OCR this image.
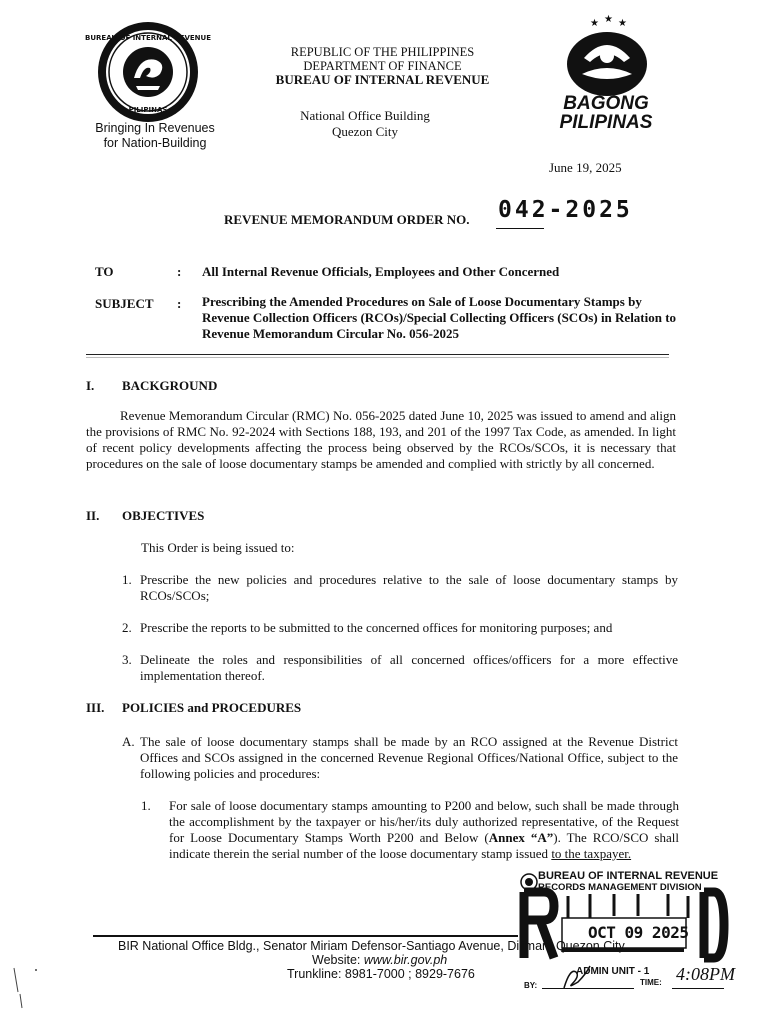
BUREAU OF INTERNAL REVENUE
PILIPINAS
Bringing In Revenues
for Nation-Building
REPUBLIC OF THE PHILIPPINES
DEPARTMENT OF FINANCE
BUREAU OF INTERNAL REVENUE
National Office Building
Quezon City
★ ★ ★
BAGONG
PILIPINAS
June 19, 2025
REVENUE MEMORANDUM ORDER NO. 042-2025
TO	: All Internal Revenue Officials, Employees and Other Concerned
SUBJECT : Prescribing the Amended Procedures on Sale of Loose Documentary Stamps by Revenue Collection Officers (RCOs)/Special Collecting Officers (SCOs) in Relation to Revenue Memorandum Circular No. 056-2025
I. BACKGROUND
Revenue Memorandum Circular (RMC) No. 056-2025 dated June 10, 2025 was issued to amend and align the provisions of RMC No. 92-2024 with Sections 188, 193, and 201 of the 1997 Tax Code, as amended. In light of recent policy developments affecting the process being observed by the RCOs/SCOs, it is necessary that procedures on the sale of loose documentary stamps be amended and complied with strictly by all concerned.
II. OBJECTIVES
This Order is being issued to:
1. Prescribe the new policies and procedures relative to the sale of loose documentary stamps by RCOs/SCOs;
2. Prescribe the reports to be submitted to the concerned offices for monitoring purposes; and
3. Delineate the roles and responsibilities of all concerned offices/officers for a more effective implementation thereof.
III. POLICIES and PROCEDURES
A. The sale of loose documentary stamps shall be made by an RCO assigned at the Revenue District Offices and SCOs assigned in the concerned Revenue Regional Offices/National Office, subject to the following policies and procedures:
1.	For sale of loose documentary stamps amounting to P200 and below, such shall be made through the accomplishment by the taxpayer or his/her/its duly authorized representative, of the Request for Loose Documentary Stamps Worth P200 and Below (Annex “A”). The RCO/SCO shall indicate therein the serial number of the loose documentary stamp issued to the taxpayer.
BUREAU OF INTERNAL REVENUE
RECORDS MANAGEMENT DIVISION
OCT 09 2025
ADMIN UNIT - 1
BY:	TIME: 4:08PM
BIR National Office Bldg., Senator Miriam Defensor-Santiago Avenue, Diliman, Quezon City
Website: www.bir.gov.ph
Trunkline: 8981-7000 ; 8929-7676
